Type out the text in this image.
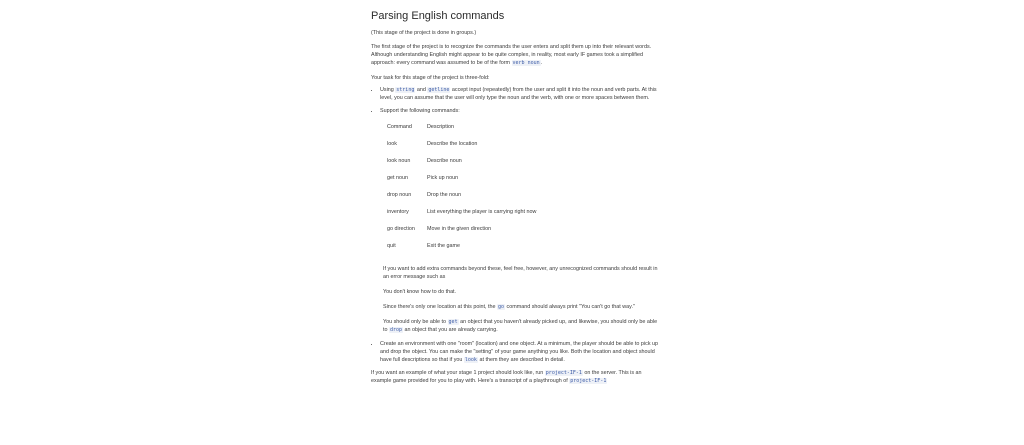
Parsing English commands

(This stage of the project is done in groups.)

The first stage of the project is to recognize the commands the user enters and split them up into their relevant words. Although understanding English might appear to be quite complex, in reality, most early IF games took a simplified approach: every command was assumed to be of the form verb noun.

Your task for this stage of the project is three-fold:

• Using string and getline accept input (repeatedly) from the user and split it into the noun and verb parts. At this level, you can assume that the user will only type the noun and the verb, with one or more spaces between them.
• Support the following commands:
Command	Description
look	Describe the location
look noun	Describe noun
get noun	Pick up noun
drop noun	Drop the noun
inventory	List everything the player is carrying right now
go direction	Move in the given direction
quit	Exit the game

If you want to add extra commands beyond these, feel free, however, any unrecognized commands should result in an error message such as

You don't know how to do that.

Since there's only one location at this point, the go command should always print "You can't go that way."

You should only be able to get an object that you haven't already picked up, and likewise, you should only be able to drop an object that you are already carrying.

• Create an environment with one "room" (location) and one object. At a minimum, the player should be able to pick up and drop the object. You can make the "setting" of your game anything you like. Both the location and object should have full descriptions so that if you look at them they are described in detail.

If you want an example of what your stage 1 project should look like, run project-IF-1 on the server. This is an example game provided for you to play with. Here's a transcript of a playthrough of project-IF-1
